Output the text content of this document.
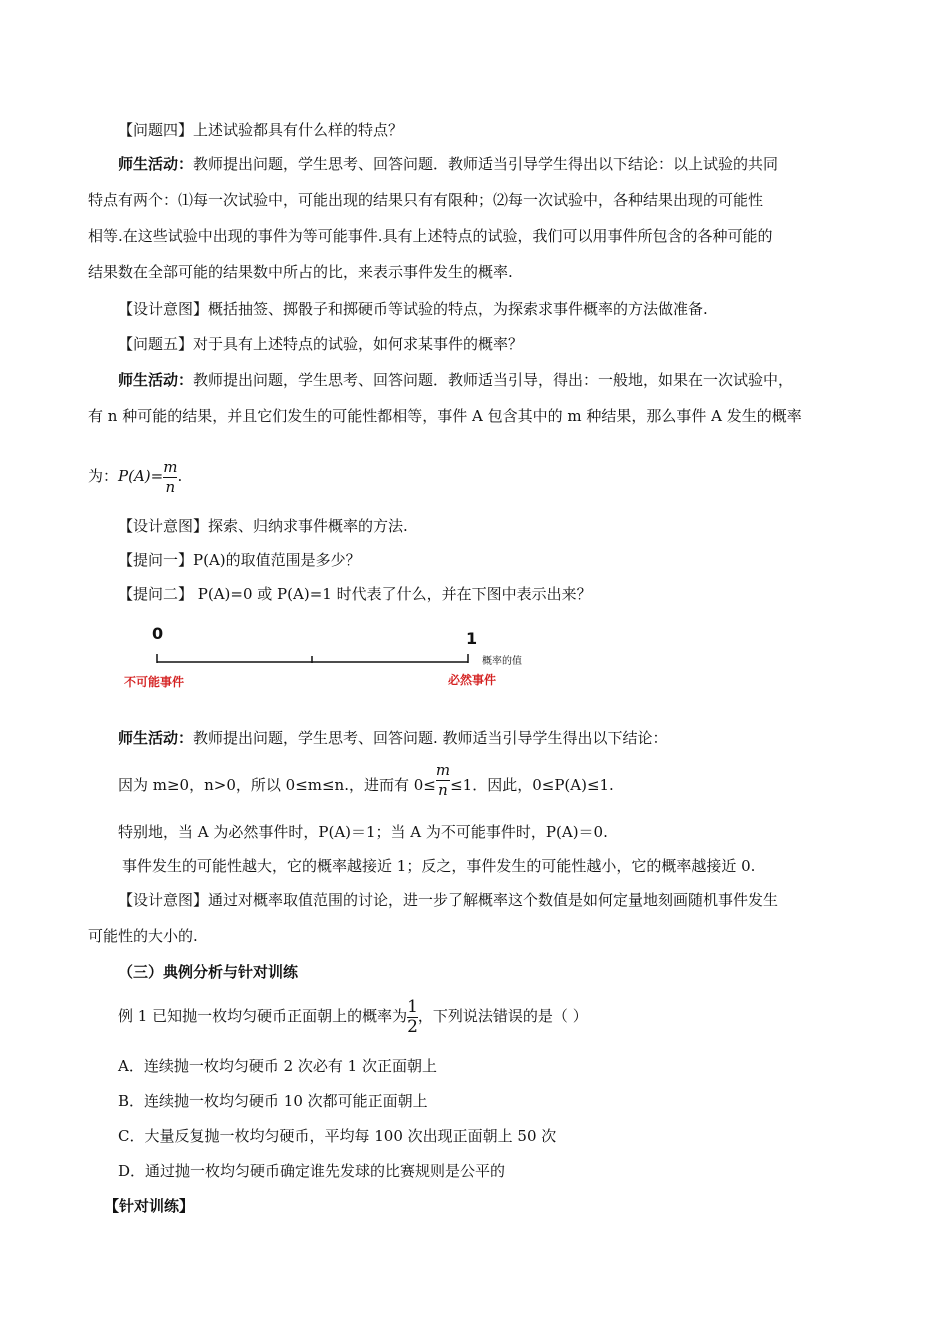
【问题四】上述试验都具有什么样的特点？
师生活动：教师提出问题，学生思考、回答问题．教师适当引导学生得出以下结论：以上试验的共同
特点有两个：⑴每一次试验中，可能出现的结果只有有限种；⑵每一次试验中，各种结果出现的可能性
相等.在这些试验中出现的事件为等可能事件.具有上述特点的试验，我们可以用事件所包含的各种可能的
结果数在全部可能的结果数中所占的比，来表示事件发生的概率.
【设计意图】概括抽签、掷骰子和掷硬币等试验的特点，为探索求事件概率的方法做准备.
【问题五】对于具有上述特点的试验，如何求某事件的概率？
师生活动：教师提出问题，学生思考、回答问题．教师适当引导，得出：一般地，如果在一次试验中，
有 n 种可能的结果，并且它们发生的可能性都相等，事件 A 包含其中的 m 种结果，那么事件 A 发生的概率
为：$P(A)= \frac{m}{n}$ .
【设计意图】探索、归纳求事件概率的方法.
【提问一】P(A)的取值范围是多少？
【提问二】 P(A)=0 或 P(A)=1 时代表了什么，并在下图中表示出来？
0	1
概率的值
不可能事件	必然事件
师生活动：教师提出问题，学生思考、回答问题. 教师适当引导学生得出以下结论：
因为 m≥0，n>0，所以 0≤m≤n.，进而有 $0\le \frac{m}{n} \le 1$．因此，0≤P(A)≤1.
特别地，当 A 为必然事件时，P(A)＝1；当 A 为不可能事件时，P(A)＝0.
事件发生的可能性越大，它的概率越接近 1；反之，事件发生的可能性越小，它的概率越接近 0.
【设计意图】通过对概率取值范围的讨论，进一步了解概率这个数值是如何定量地刻画随机事件发生
可能性的大小的.
（三）典例分析与针对训练
例 1 已知抛一枚均匀硬币正面朝上的概率为 $\frac{1}{2}$ ，下列说法错误的是（ ）
A．连续抛一枚均匀硬币 2 次必有 1 次正面朝上
B．连续抛一枚均匀硬币 10 次都可能正面朝上
C．大量反复抛一枚均匀硬币，平均每 100 次出现正面朝上 50 次
D．通过抛一枚均匀硬币确定谁先发球的比赛规则是公平的
【针对训练】
